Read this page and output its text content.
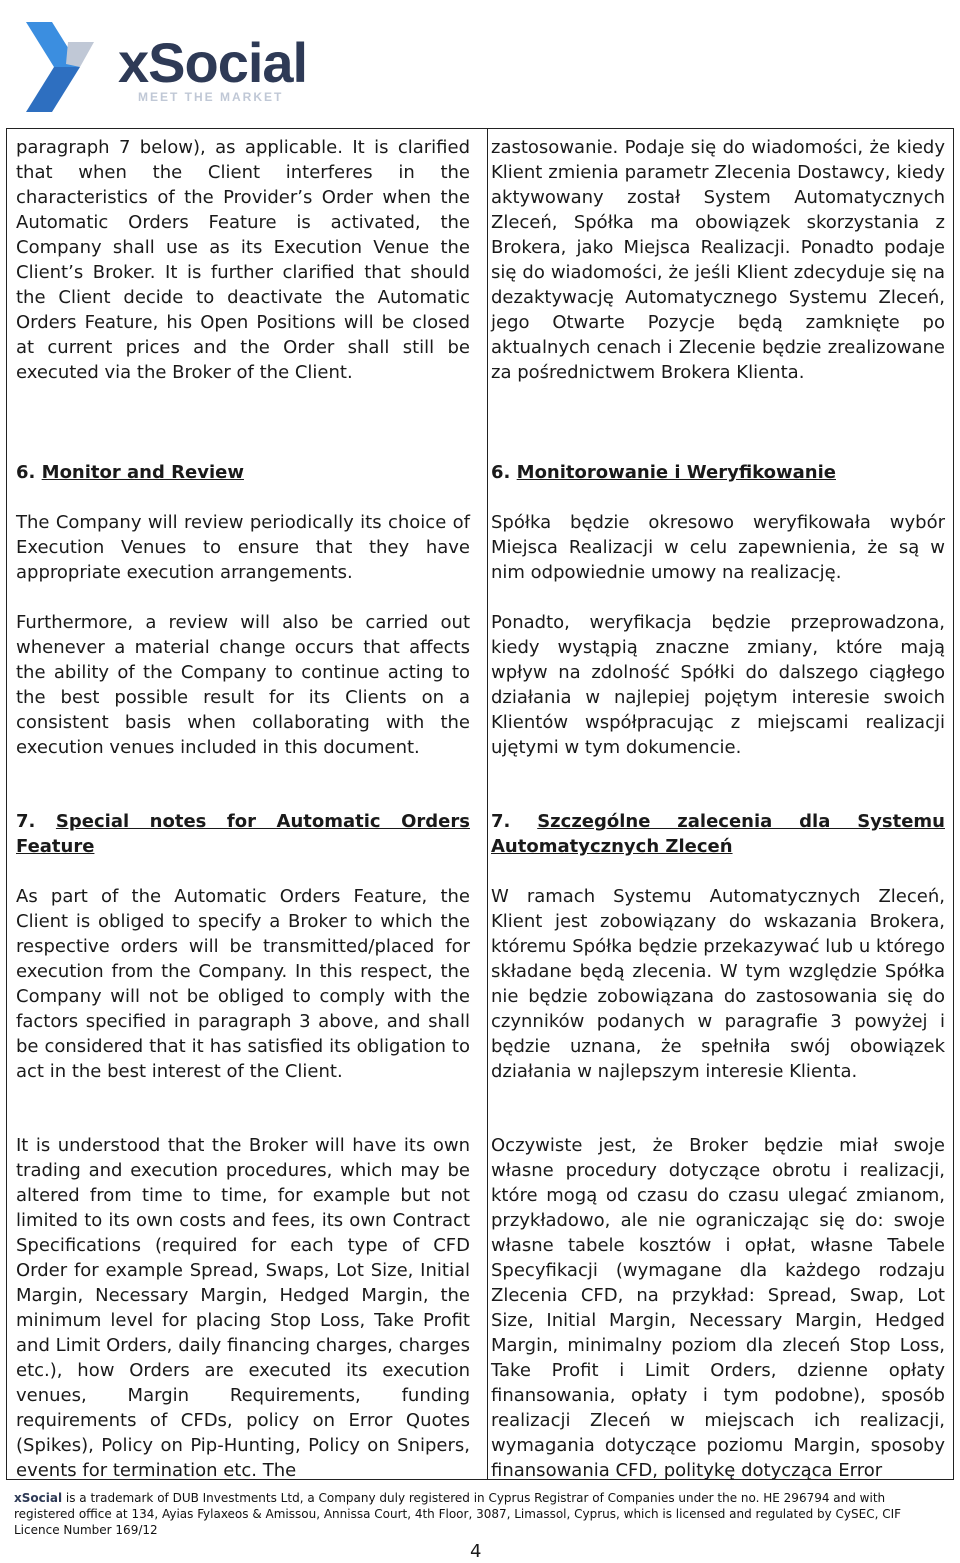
xSocial
MEET THE MARKET

paragraph 7 below), as applicable. It is clarified that when the Client interferes in the characteristics of the Provider’s Order when the Automatic Orders Feature is activated, the Company shall use as its Execution Venue the Client’s Broker. It is further clarified that should the Client decide to deactivate the Automatic Orders Feature, his Open Positions will be closed at current prices and the Order shall still be executed via the Broker of the Client.

6. Monitor and Review

The Company will review periodically its choice of Execution Venues to ensure that they have appropriate execution arrangements.

Furthermore, a review will also be carried out whenever a material change occurs that affects the ability of the Company to continue acting to the best possible result for its Clients on a consistent basis when collaborating with the execution venues included in this document.

7. Special notes for Automatic Orders Feature

As part of the Automatic Orders Feature, the Client is obliged to specify a Broker to which the respective orders will be transmitted/placed for execution from the Company. In this respect, the Company will not be obliged to comply with the factors specified in paragraph 3 above, and shall be considered that it has satisfied its obligation to act in the best interest of the Client.

It is understood that the Broker will have its own trading and execution procedures, which may be altered from time to time, for example but not limited to its own costs and fees, its own Contract Specifications (required for each type of CFD Order for example Spread, Swaps, Lot Size, Initial Margin, Necessary Margin, Hedged Margin, the minimum level for placing Stop Loss, Take Profit and Limit Orders, daily financing charges, charges etc.), how Orders are executed its execution venues, Margin Requirements, funding requirements of CFDs, policy on Error Quotes (Spikes), Policy on Pip-Hunting, Policy on Snipers, events for termination etc. The

zastosowanie. Podaje się do wiadomości, że kiedy Klient zmienia parametr Zlecenia Dostawcy, kiedy aktywowany został System Automatycznych Zleceń, Spółka ma obowiązek skorzystania z Brokera, jako Miejsca Realizacji. Ponadto podaje się do wiadomości, że jeśli Klient zdecyduje się na dezaktywację Automatycznego Systemu Zleceń, jego Otwarte Pozycje będą zamknięte po aktualnych cenach i Zlecenie będzie zrealizowane za pośrednictwem Brokera Klienta.

6. Monitorowanie i Weryfikowanie

Spółka będzie okresowo weryfikowała wybór Miejsca Realizacji w celu zapewnienia, że są w nim odpowiednie umowy na realizację.

Ponadto, weryfikacja będzie przeprowadzona, kiedy wystąpią znaczne zmiany, które mają wpływ na zdolność Spółki do dalszego ciągłego działania w najlepiej pojętym interesie swoich Klientów współpracując z miejscami realizacji ujętymi w tym dokumencie.

7. Szczególne zalecenia dla Systemu Automatycznych Zleceń

W ramach Systemu Automatycznych Zleceń, Klient jest zobowiązany do wskazania Brokera, któremu Spółka będzie przekazywać lub u którego składane będą zlecenia. W tym względzie Spółka nie będzie zobowiązana do zastosowania się do czynników podanych w paragrafie 3 powyżej i będzie uznana, że spełniła swój obowiązek działania w najlepszym interesie Klienta.

Oczywiste jest, że Broker będzie miał swoje własne procedury dotyczące obrotu i realizacji, które mogą od czasu do czasu ulegać zmianom, przykładowo, ale nie ograniczając się do: swoje własne tabele kosztów i opłat, własne Tabele Specyfikacji (wymagane dla każdego rodzaju Zlecenia CFD, na przykład: Spread, Swap, Lot Size, Initial Margin, Necessary Margin, Hedged Margin, minimalny poziom dla zleceń Stop Loss, Take Profit i Limit Orders, dzienne opłaty finansowania, opłaty i tym podobne), sposób realizacji Zleceń w miejscach ich realizacji, wymagania dotyczące poziomu Margin, sposoby finansowania CFD, politykę dotycząca Error

xSocial is a trademark of DUB Investments Ltd, a Company duly registered in Cyprus Registrar of Companies under the no. HE 296794 and with registered office at 134, Ayias Fylaxeos & Amissou, Annissa Court, 4th Floor, 3087, Limassol, Cyprus, which is licensed and regulated by CySEC, CIF Licence Number 169/12
4
